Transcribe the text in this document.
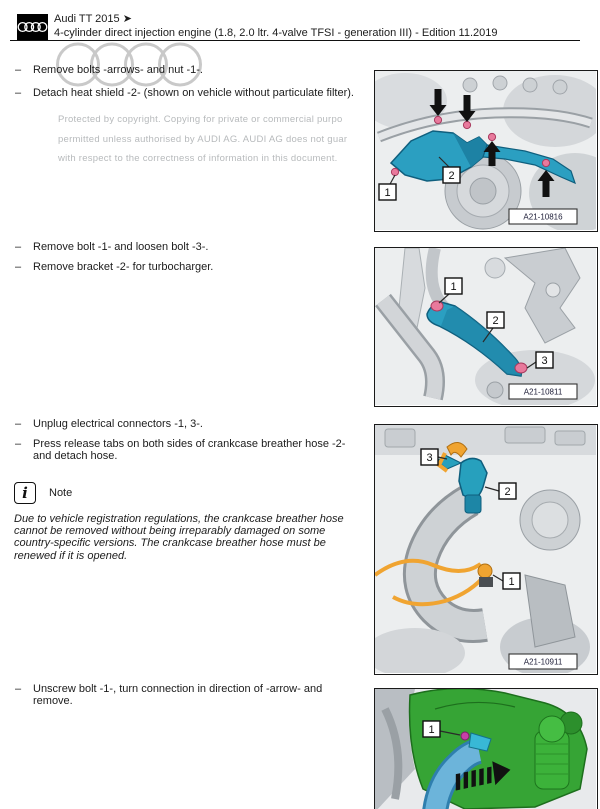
Audi TT 2015 ➤
4-cylinder direct injection engine (1.8, 2.0 ltr. 4-valve TFSI - generation III) - Edition 11.2019
–	Remove bolts -arrows- and nut -1-.
–	Detach heat shield -2- (shown on vehicle without particulate filter).
Protected by copyright. Copying for private or commercial purpo
permitted unless authorised by AUDI AG. AUDI AG does not guar
with respect to the correctness of information in this document.
–	Remove bolt -1- and loosen bolt -3-.
–	Remove bracket -2- for turbocharger.
–	Unplug electrical connectors -1, 3-.
–	Press release tabs on both sides of crankcase breather hose -2- and detach hose.
i Note
Due to vehicle registration regulations, the crankcase breather hose cannot be removed without being irreparably damaged on some country-specific versions. The crankcase breather hose must be renewed if it is opened.
–	Unscrew bolt -1-, turn connection in direction of -arrow- and remove.
1
2
A21-10816
1
2
3
A21-10811
3
2
1
A21-10911
1
